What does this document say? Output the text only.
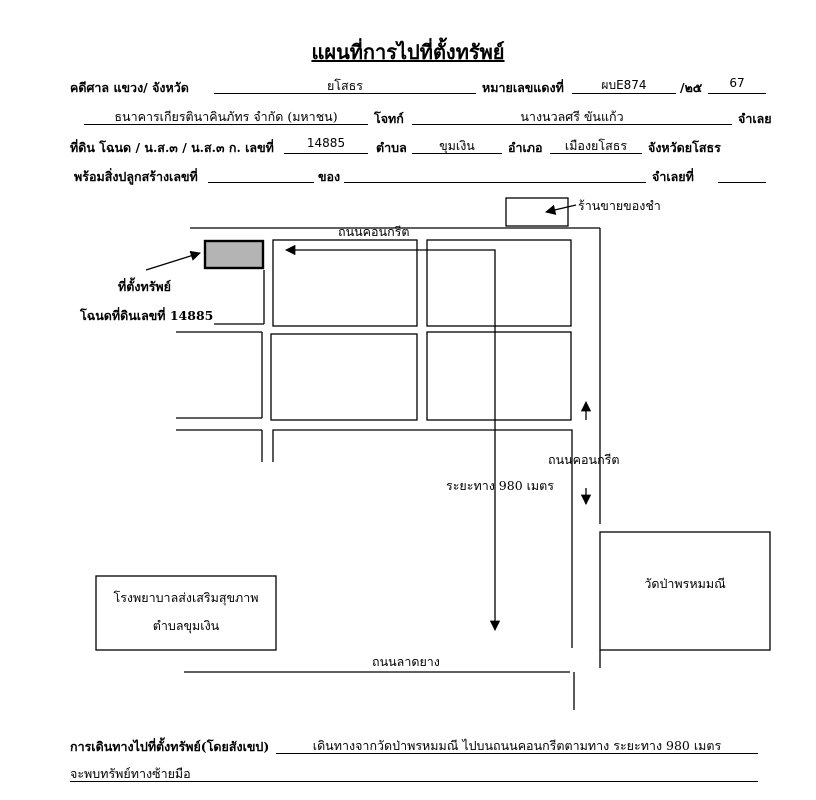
แผนที่การไปที่ตั้งทรัพย์
คดีศาล แขวง/ จังหวัด	ยโสธร	หมายเลขแดงที่	ผบE874	/๒๕	67
ธนาคารเกียรตินาคินภัทร จำกัด (มหาชน)	โจทก์	นางนวลศรี ขันแก้ว	จำเลย
ที่ดิน โฉนด / น.ส.๓ / น.ส.๓ ก. เลขที่	14885	ตำบล	ขุมเงิน	อำเภอ	เมืองยโสธร	จังหวัดยโสธร
พร้อมสิ่งปลูกสร้างเลขที่	ของ	จำเลยที่
ร้านขายของชำ
ถนนคอนกรีต
ที่ตั้งทรัพย์
โฉนดที่ดินเลขที่ 14885
ถนนคอนกรีต
ระยะทาง 980 เมตร
วัดป่าพรหมมณี
โรงพยาบาลส่งเสริมสุขภาพ
ตำบลขุมเงิน
ถนนลาดยาง
การเดินทางไปที่ตั้งทรัพย์(โดยสังเขป)	เดินทางจากวัดป่าพรหมมณี ไปบนถนนคอนกรีตตามทาง ระยะทาง 980 เมตร
จะพบทรัพย์ทางซ้ายมือ
